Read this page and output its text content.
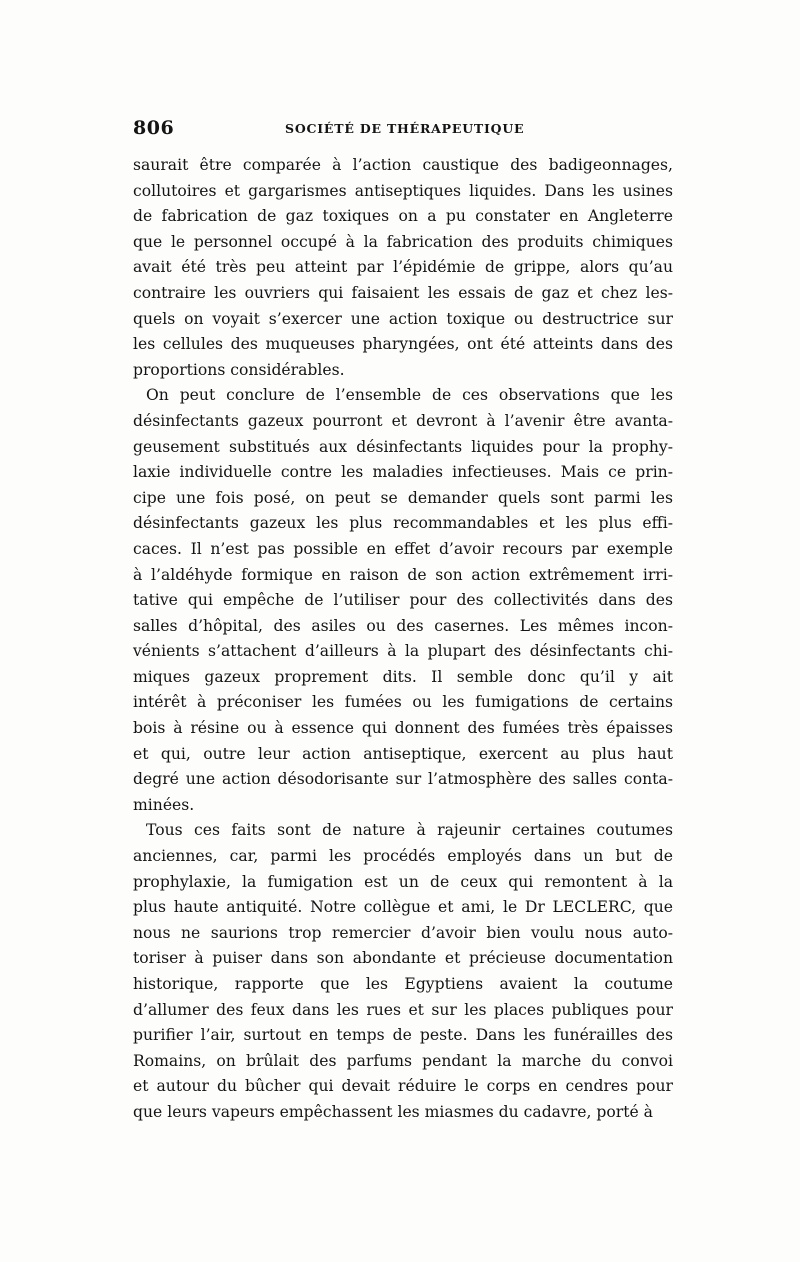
806	SOCIÉTÉ DE THÉRAPEUTIQUE
saurait être comparée à l’action caustique des badigeonnages,
collutoires et gargarismes antiseptiques liquides. Dans les usines
de fabrication de gaz toxiques on a pu constater en Angleterre
que le personnel occupé à la fabrication des produits chimiques
avait été très peu atteint par l’épidémie de grippe, alors qu’au
contraire les ouvriers qui faisaient les essais de gaz et chez les-
quels on voyait s’exercer une action toxique ou destructrice sur
les cellules des muqueuses pharyngées, ont été atteints dans des
proportions considérables.
On peut conclure de l’ensemble de ces observations que les
désinfectants gazeux pourront et devront à l’avenir être avanta-
geusement substitués aux désinfectants liquides pour la prophy-
laxie individuelle contre les maladies infectieuses. Mais ce prin-
cipe une fois posé, on peut se demander quels sont parmi les
désinfectants gazeux les plus recommandables et les plus effi-
caces. Il n’est pas possible en effet d’avoir recours par exemple
à l’aldéhyde formique en raison de son action extrêmement irri-
tative qui empêche de l’utiliser pour des collectivités dans des
salles d’hôpital, des asiles ou des casernes. Les mêmes incon-
vénients s’attachent d’ailleurs à la plupart des désinfectants chi-
miques gazeux proprement dits. Il semble donc qu’il y ait
intérêt à préconiser les fumées ou les fumigations de certains
bois à résine ou à essence qui donnent des fumées très épaisses
et qui, outre leur action antiseptique, exercent au plus haut
degré une action désodorisante sur l’atmosphère des salles conta-
minées.
Tous ces faits sont de nature à rajeunir certaines coutumes
anciennes, car, parmi les procédés employés dans un but de
prophylaxie, la fumigation est un de ceux qui remontent à la
plus haute antiquité. Notre collègue et ami, le Dr LECLERC, que
nous ne saurions trop remercier d’avoir bien voulu nous auto-
toriser à puiser dans son abondante et précieuse documentation
historique, rapporte que les Egyptiens avaient la coutume
d’allumer des feux dans les rues et sur les places publiques pour
purifier l’air, surtout en temps de peste. Dans les funérailles des
Romains, on brûlait des parfums pendant la marche du convoi
et autour du bûcher qui devait réduire le corps en cendres pour
que leurs vapeurs empêchassent les miasmes du cadavre, porté à
